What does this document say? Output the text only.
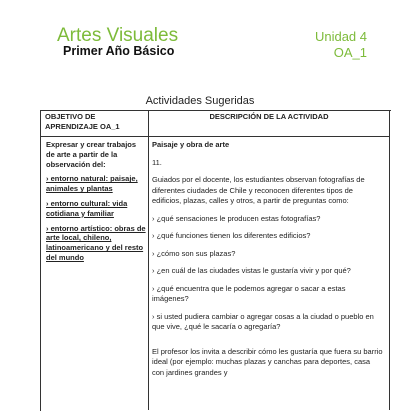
Artes Visuales
Primer Año Básico
Unidad 4
OA_1
Actividades Sugeridas
OBJETIVO DE APRENDIZAJE OA_1
DESCRIPCIÓN DE LA ACTIVIDAD

Expresar y crear trabajos de arte a partir de la observación del:

› entorno natural: paisaje, animales y plantas

› entorno cultural: vida cotidiana y familiar

› entorno artístico: obras de arte local, chileno, latinoamericano y del resto del mundo

Paisaje y obra de arte

11.

Guiados por el docente, los estudiantes observan fotografías de diferentes ciudades de Chile y reconocen diferentes tipos de edificios, plazas, calles y otros, a partir de preguntas como:

› ¿qué sensaciones le producen estas fotografías?

› ¿qué funciones tienen los diferentes edificios?

› ¿cómo son sus plazas?

› ¿en cuál de las ciudades vistas le gustaría vivir y por qué?

› ¿qué encuentra que le podemos agregar o sacar a estas imágenes?

› si usted pudiera cambiar o agregar cosas a la ciudad o pueblo en que vive, ¿qué le sacaría o agregaría?

El profesor los invita a describir cómo les gustaría que fuera su barrio ideal (por ejemplo: muchas plazas y canchas para deportes, casa con jardines grandes y
